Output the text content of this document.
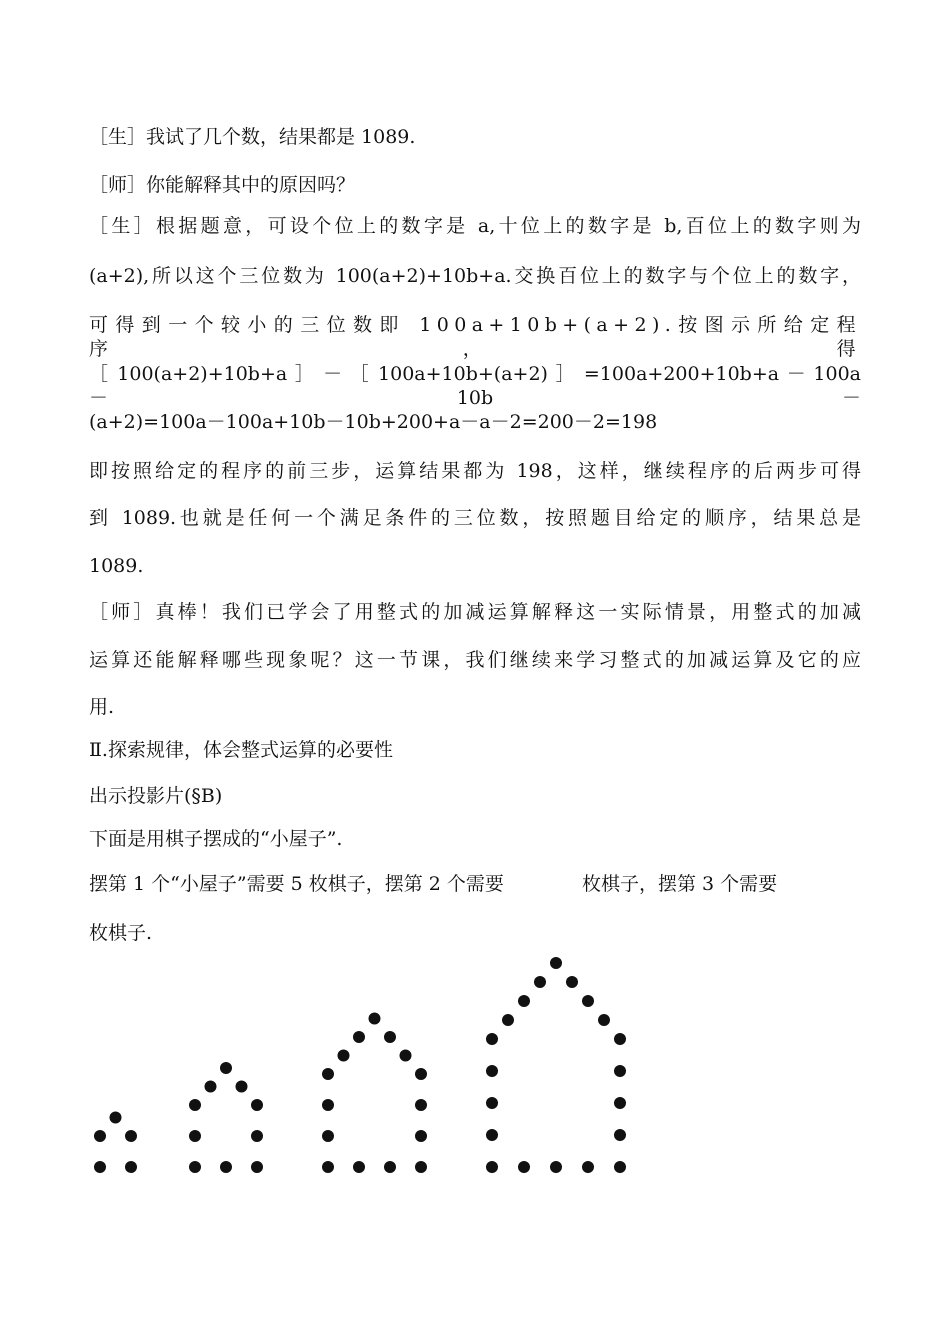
［生］我试了几个数，结果都是 1089.
［师］你能解释其中的原因吗？
［生］根据题意，可设个位上的数字是 a,十位上的数字是 b,百位上的数字则为
(a+2),所以这个三位数为 100(a+2)+10b+a.交换百位上的数字与个位上的数字，
可得到一个较小的三位数即 100a+10b+(a+2).按图示所给定程序，得
［ 100(a+2)+10b+a ］ － ［ 100a+10b+(a+2) ］ =100a+200+10b+a － 100a － 10b －
(a+2)=100a－100a+10b－10b+200+a－a－2=200－2=198
即按照给定的程序的前三步，运算结果都为 198，这样，继续程序的后两步可得
到 1089.也就是任何一个满足条件的三位数，按照题目给定的顺序，结果总是
1089.
［师］真棒！我们已学会了用整式的加减运算解释这一实际情景，用整式的加减
运算还能解释哪些现象呢？这一节课，我们继续来学习整式的加减运算及它的应
用.
Ⅱ.探索规律，体会整式运算的必要性
出示投影片(§B)
下面是用棋子摆成的“小屋子”.
摆第 1 个“小屋子”需要 5 枚棋子，摆第 2 个需要	枚棋子，摆第 3 个需要
枚棋子.
